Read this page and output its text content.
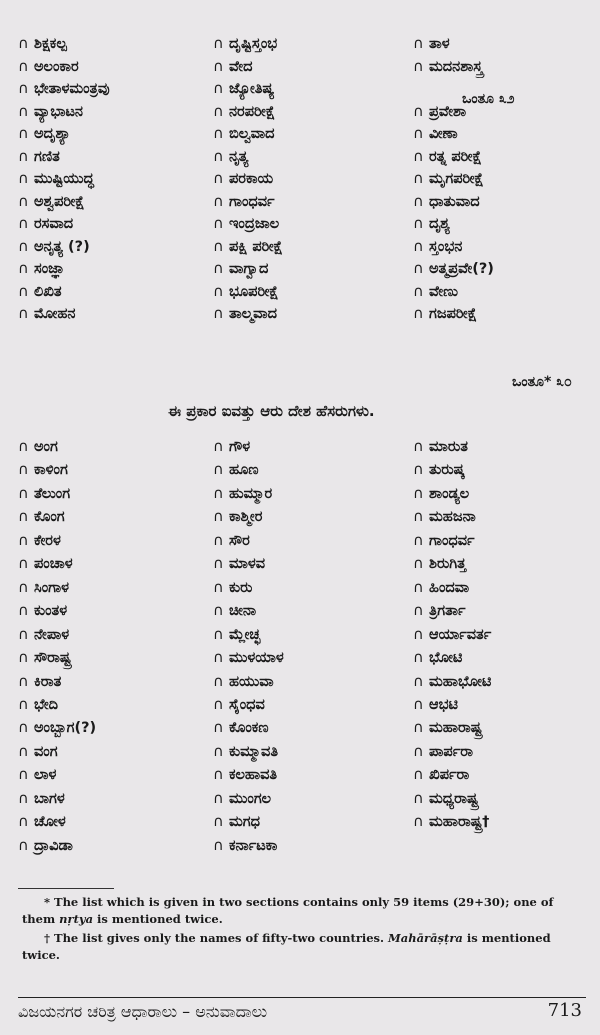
∩ ಶಿಕ್ಷಕಲ್ಪ	∩ ದೃಷ್ಟಿಸ್ತಂಭ	∩ ತಾಳ
∩ ಅಲಂಕಾರ	∩ ವೇದ	∩ ಮದನಶಾಸ್ತ್ರ
∩ ಭೇತಾಳಮಂತ್ರವು	∩ ಜ್ಯೋತಿಷ್ಯ
∩ ವ್ಯಾಭಾಟನ	∩ ನರಪರೀಕ್ಷೆ	∩ ಪ್ರವೇಶಾ
∩ ಅದೃಶ್ಯಾ	∩ ಬಿಲ್ವವಾದ	∩ ವೀಣಾ
∩ ಗಣಿತ	∩ ನೃತ್ಯ	∩ ರತ್ನ ಪರೀಕ್ಷೆ
∩ ಮುಷ್ಟಿಯುದ್ಧ	∩ ಪರಕಾಯ	∩ ಮೃಗಪರೀಕ್ಷೆ
∩ ಅಶ್ವಪರೀಕ್ಷೆ	∩ ಗಾಂಧರ್ವ	∩ ಧಾತುವಾದ
∩ ರಸವಾದ	∩ ಇಂದ್ರಜಾಲ	∩ ದೃಶ್ಯ
∩ ಅನೃತ್ಯ (?)	∩ ಪಕ್ಷಿ ಪರೀಕ್ಷೆ	∩ ಸ್ತಂಭನ
∩ ಸಂಜ್ಞಾ	∩ ವಾಗ್ವಾದ	∩ ಅತ್ಮಪ್ರವೇ(?)
∩ ಲಿಖಿತ	∩ ಭೂಪರೀಕ್ಷೆ	∩ ವೇಣು
∩ ಮೋಹನ	∩ ತಾಲ್ಮವಾದ	∩ ಗಜಪರೀಕ್ಷೆ
ಒಂತೂ ೩೨
ಒಂತೂ* ೩೦
ಈ ಪ್ರಕಾರ ಐವತ್ತು ಆರು ದೇಶ ಹೆಸರುಗಳು.
∩ ಅಂಗ	∩ ಗೌಳ	∩ ಮಾರುತ
∩ ಕಾಳಿಂಗ	∩ ಹೂಣ	∩ ತುರುಷ್ಕ
∩ ತೆಲುಂಗ	∩ ಹುಮ್ಮಾರ	∩ ಶಾಂಡ್ಯಲ
∩ ಕೊಂಗ	∩ ಕಾಶ್ಮೀರ	∩ ಮಹಜನಾ
∩ ಕೇರಳ	∩ ಸೌರ	∩ ಗಾಂಧರ್ವ
∩ ಪಂಚಾಳ	∩ ಮಾಳವ	∩ ಶಿರುಗಿತ್ತ
∩ ಸಿಂಗಾಳ	∩ ಕುರು	∩ ಹಿಂದವಾ
∩ ಕುಂತಳ	∩ ಚೀನಾ	∩ ತ್ರಿಗರ್ತಾ
∩ ನೇಪಾಳ	∩ ಮ್ಲೇಚ್ಛ	∩ ಆರ್ಯಾವರ್ತ
∩ ಸೌರಾಷ್ಟ್ರ	∩ ಮುಳಯಾಳ	∩ ಭೋಟಿ
∩ ಕಿರಾತ	∩ ಹಯುವಾ	∩ ಮಹಾಭೋಟಿ
∩ ಭೇದಿ	∩ ಸೈಂಧವ	∩ ಆಭಟಿ
∩ ಅಂಬ್ಬಾಗ(?)	∩ ಕೊಂಕಣ	∩ ಮಹಾರಾಷ್ಟ್ರ
∩ ವಂಗ	∩ ಕುಮ್ಮಾವತಿ	∩ ಪಾರ್ಪರಾ
∩ ಲಾಳ	∩ ಕಲಹಾವತಿ	∩ ಖಿರ್ಪರಾ
∩ ಬಾಗಳ	∩ ಮುಂಗಲ	∩ ಮಧ್ಯರಾಷ್ಟ್ರ
∩ ಚೋಳ	∩ ಮಗಧ	∩ ಮಹಾರಾಷ್ಟ್ರ†
∩ ದ್ರಾವಿಡಾ	∩ ಕರ್ನಾಟಕಾ

* The list which is given in two sections contains only 59 items (29+30); one of them nṛtya is mentioned twice.

† The list gives only the names of fifty-two countries. Mahārāṣṭra is mentioned twice.

ವಿಜಯನಗರ ಚರಿತ್ರ ಆಧಾರಾಲು – ಅನುವಾದಾಲು	713
